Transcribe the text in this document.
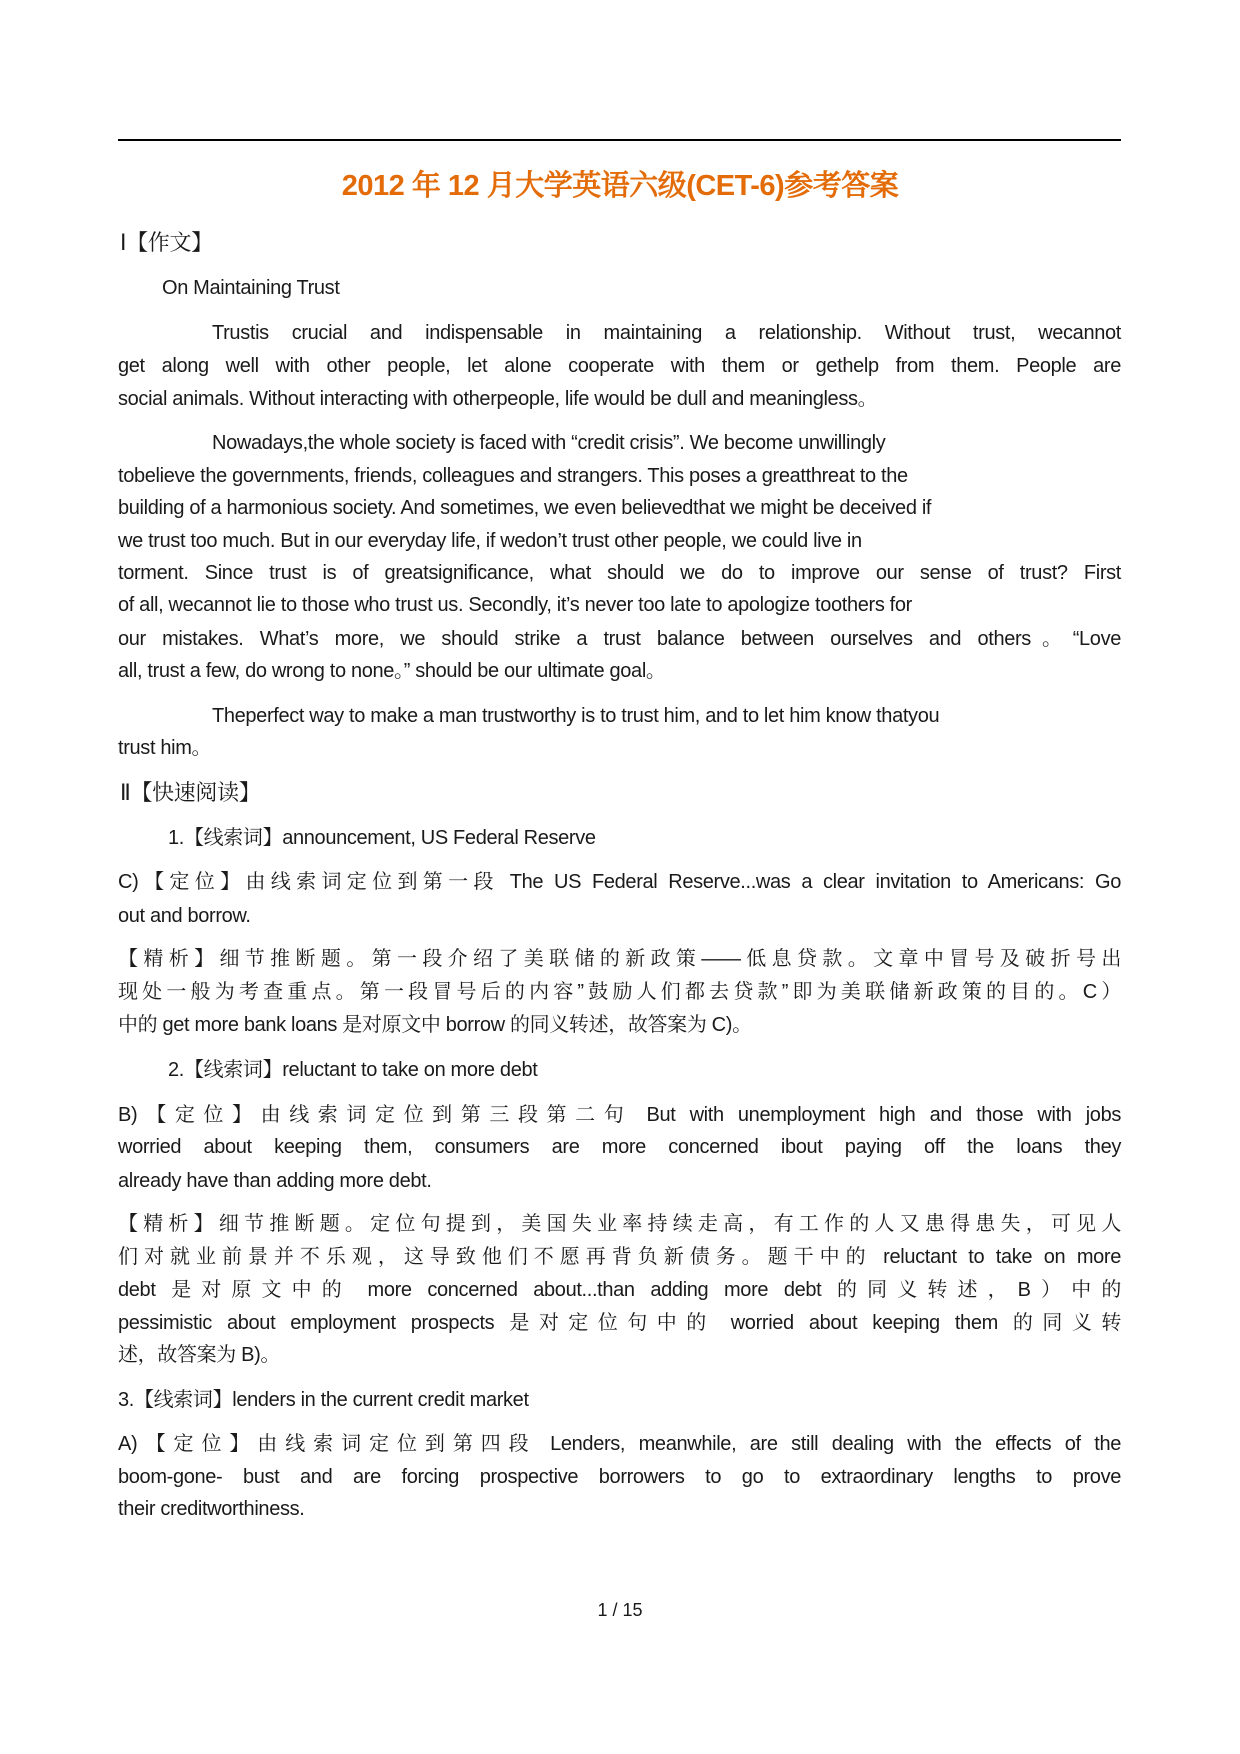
2012 年 12 月大学英语六级(CET-6)参考答案
Ⅰ【作文】
On Maintaining Trust
Trustis crucial and indispensable in maintaining a relationship. Without trust, wecannot
get along well with other people, let alone cooperate with them or gethelp from them. People are
social animals. Without interacting with otherpeople, life would be dull and meaningless。
Nowadays,the whole society is faced with “credit crisis”. We become unwillingly
tobelieve the governments, friends, colleagues and strangers. This poses a greatthreat to the
building of a harmonious society. And sometimes, we even believedthat we might be deceived if
we trust too much. But in our everyday life, if wedon’t trust other people, we could live in
torment. Since trust is of greatsignificance, what should we do to improve our sense of trust? First
of all, wecannot lie to those who trust us. Secondly, it’s never too late to apologize toothers for
our mistakes. What’s more, we should strike a trust balance between ourselves and others。“Love
all, trust a few, do wrong to none。” should be our ultimate goal。
Theperfect way to make a man trustworthy is to trust him, and to let him know thatyou
trust him。
Ⅱ【快速阅读】
1.【线索词】announcement, US Federal Reserve
C)【定位】由线索词定位到第一段 The US Federal Reserve...was a clear invitation to Americans: Go
out and borrow.
【精析】细节推断题。第一段介绍了美联储的新政策——低息贷款。文章中冒号及破折号出
现处一般为考查重点。第一段冒号后的内容”鼓励人们都去贷款”即为美联储新政策的目的。C）
中的 get more bank loans 是对原文中 borrow 的同义转述，故答案为 C)。
2.【线索词】reluctant to take on more debt
B)【定位】由线索词定位到第三段第二句 But with unemployment high and those with jobs
worried about keeping them, consumers are more concerned ibout paying off the loans they
already have than adding more debt.
【精析】细节推断题。定位句提到，美国失业率持续走高，有工作的人又患得患失，可见人
们对就业前景并不乐观，这导致他们不愿再背负新债务。题干中的 reluctant to take on more
debt 是对原文中的 more concerned about...than adding more debt 的同义转述，B）中的
pessimistic about employment prospects 是对定位句中的 worried about keeping them 的同义转
述，故答案为 B)。
3.【线索词】lenders in the current credit market
A)【定位】由线索词定位到第四段 Lenders, meanwhile, are still dealing with the effects of the
boom-gone- bust and are forcing prospective borrowers to go to extraordinary lengths to prove
their creditworthiness.
1 / 15
